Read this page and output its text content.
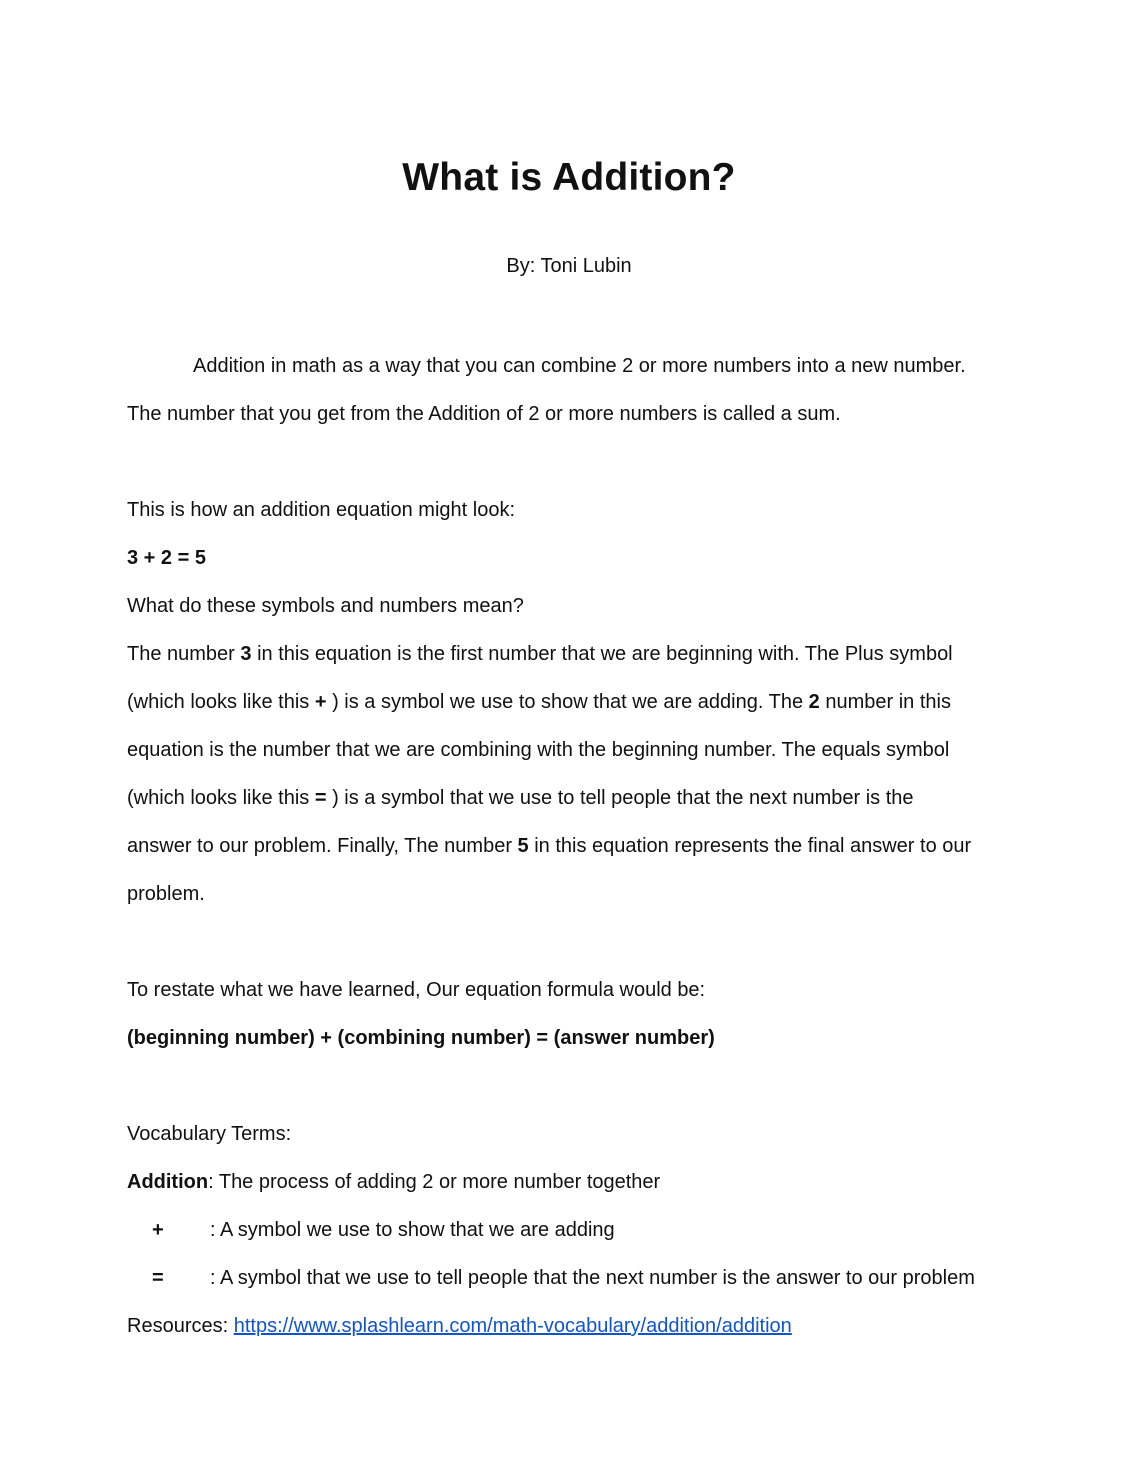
What is Addition?
By: Toni Lubin
Addition in math as a way that you can combine 2 or more numbers into a new number.
The number that you get from the Addition of 2 or more numbers is called a sum.
This is how an addition equation might look:
3 + 2 = 5
What do these symbols and numbers mean?
The number 3 in this equation is the first number that we are beginning with. The Plus symbol
(which looks like this + ) is a symbol we use to show that we are adding. The 2 number in this
equation is the number that we are combining with the beginning number. The equals symbol
(which looks like this = ) is a symbol that we use to tell people that the next number is the
answer to our problem. Finally, The number 5 in this equation represents the final answer to our
problem.
To restate what we have learned, Our equation formula would be:
(beginning number) + (combining number) = (answer number)
Vocabulary Terms:
Addition: The process of adding 2 or more number together
+ : A symbol we use to show that we are adding
= : A symbol that we use to tell people that the next number is the answer to our problem
Resources: https://www.splashlearn.com/math-vocabulary/addition/addition
